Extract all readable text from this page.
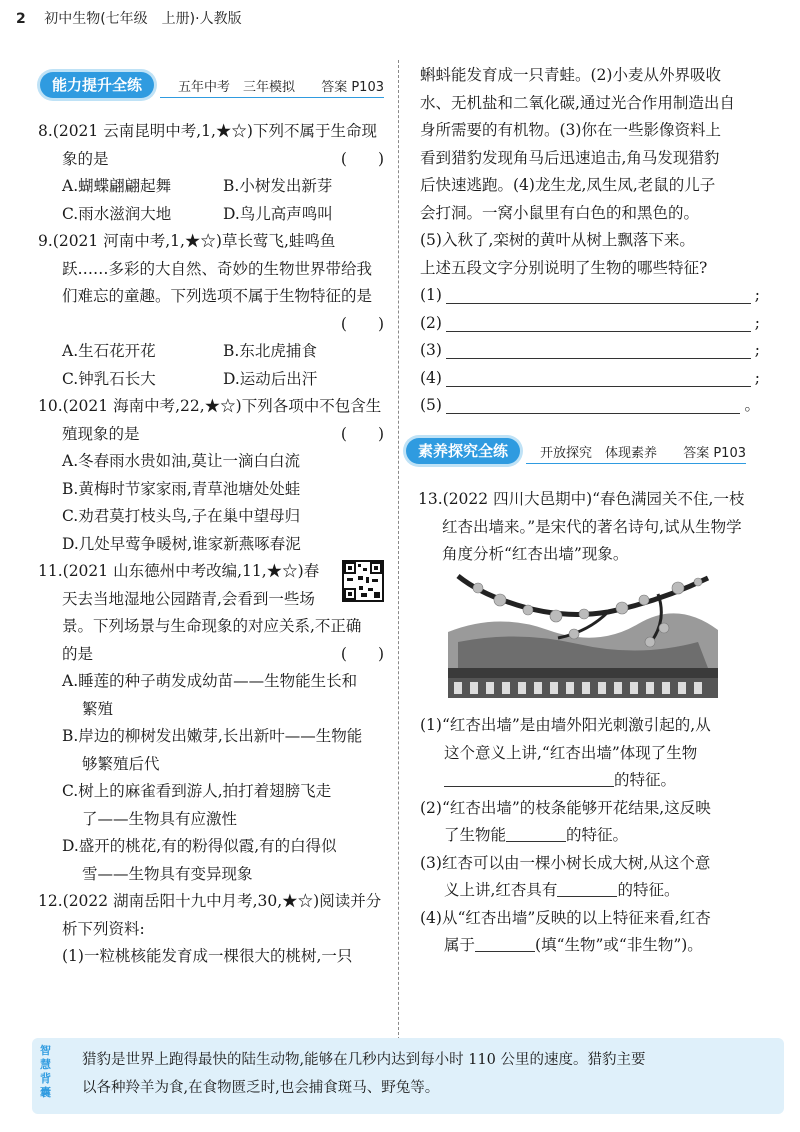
2 初中生物(七年级　上册)·人教版
能力提升全练	五年中考　三年模拟 答案 P103

8.(2021 云南昆明中考,1,★☆)下列不属于生命现

象的是	(　　)

A.蝴蝶翩翩起舞	B.小树发出新芽

C.雨水滋润大地	D.鸟儿高声鸣叫

9.(2021 河南中考,1,★☆)草长莺飞,蛙鸣鱼

跃……多彩的大自然、奇妙的生物世界带给我

们难忘的童趣。下列选项不属于生物特征的是

(　　)

A.生石花开花	B.东北虎捕食

C.钟乳石长大	D.运动后出汗

10.(2021 海南中考,22,★☆)下列各项中不包含生

殖现象的是	(　　)

A.冬春雨水贵如油,莫让一滴白白流

B.黄梅时节家家雨,青草池塘处处蛙

C.劝君莫打枝头鸟,子在巢中望母归

D.几处早莺争暖树,谁家新燕啄春泥

11.(2021 山东德州中考改编,11,★☆)春

天去当地湿地公园踏青,会看到一些场

景。下列场景与生命现象的对应关系,不正确

的是	(　　)

A.睡莲的种子萌发成幼苗——生物能生长和

繁殖

B.岸边的柳树发出嫩芽,长出新叶——生物能

够繁殖后代

C.树上的麻雀看到游人,拍打着翅膀飞走

了——生物具有应激性

D.盛开的桃花,有的粉得似霞,有的白得似

雪——生物具有变异现象

12.(2022 湖南岳阳十九中月考,30,★☆)阅读并分

析下列资料:

(1)一粒桃核能发育成一棵很大的桃树,一只

蝌蚪能发育成一只青蛙。(2)小麦从外界吸收

水、无机盐和二氧化碳,通过光合作用制造出自

身所需要的有机物。(3)你在一些影像资料上

看到猎豹发现角马后迅速追击,角马发现猎豹

后快速逃跑。(4)龙生龙,凤生凤,老鼠的儿子

会打洞。一窝小鼠里有白色的和黑色的。

(5)入秋了,栾树的黄叶从树上飘落下来。

上述五段文字分别说明了生物的哪些特征?

(1)	;

(2)	;

(3)	;

(4)	;

(5)	。

素养探究全练	开放探究　体现素养 答案 P103

13.(2022 四川大邑期中)“春色满园关不住,一枝

红杏出墙来。”是宋代的著名诗句,试从生物学

角度分析“红杏出墙”现象。

(1)“红杏出墙”是由墙外阳光刺激引起的,从

这个意义上讲,“红杏出墙”体现了生物

的特征。

(2)“红杏出墙”的枝条能够开花结果,这反映

了生物能	的特征。

(3)红杏可以由一棵小树长成大树,从这个意

义上讲,红杏具有	的特征。

(4)从“红杏出墙”反映的以上特征来看,红杏

属于	(填“生物”或“非生物”)。

智慧背囊
猎豹是世界上跑得最快的陆生动物,能够在几秒内达到每小时 110 公里的速度。猎豹主要
以各种羚羊为食,在食物匮乏时,也会捕食斑马、野兔等。
